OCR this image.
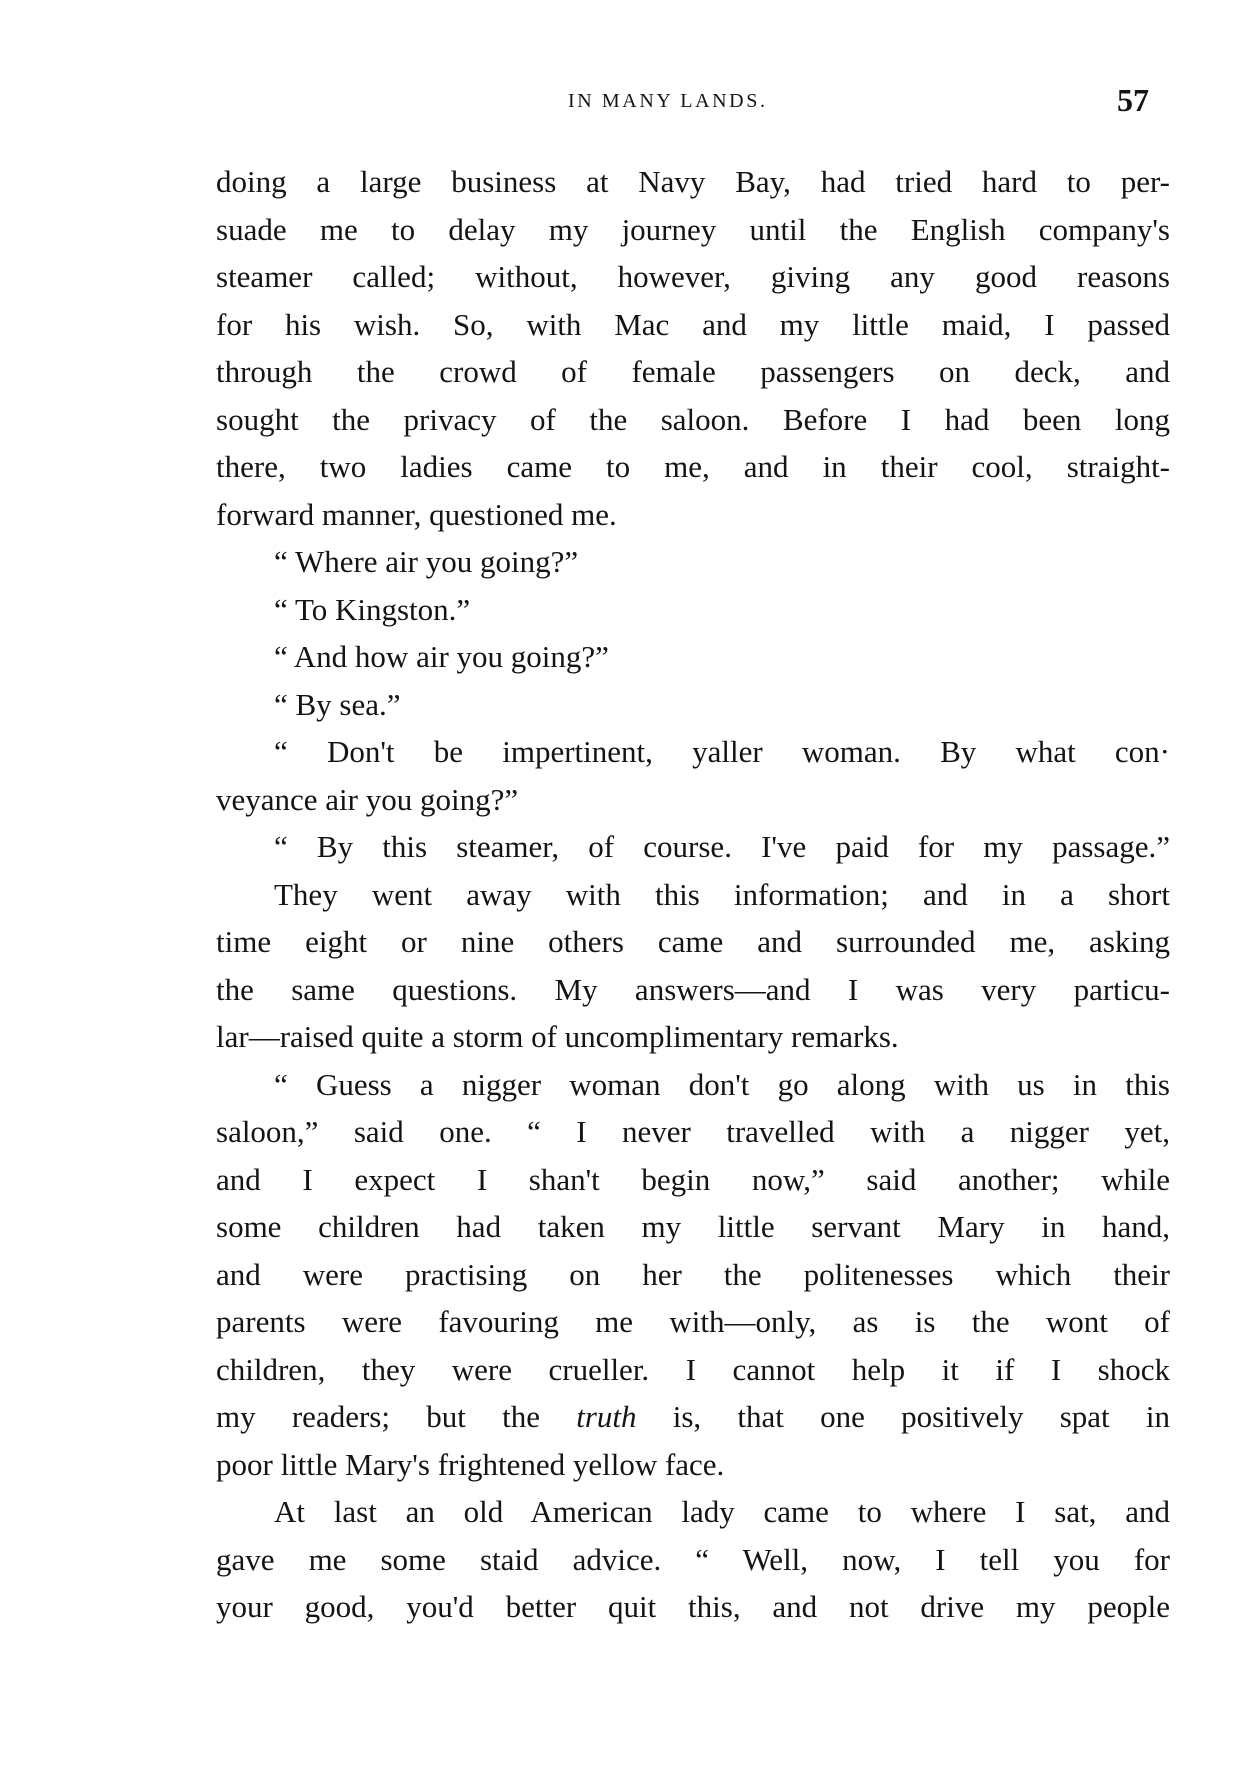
IN MANY LANDS.	57
doing a large business at Navy Bay, had tried hard to per-
suade me to delay my journey until the English company's
steamer called; without, however, giving any good reasons
for his wish. So, with Mac and my little maid, I passed
through the crowd of female passengers on deck, and
sought the privacy of the saloon. Before I had been long
there, two ladies came to me, and in their cool, straight-
forward manner, questioned me.
“ Where air you going?”
“ To Kingston.”
“ And how air you going?”
“ By sea.”
“ Don't be impertinent, yaller woman. By what con·
veyance air you going?”
“ By this steamer, of course. I've paid for my passage.”
They went away with this information; and in a short
time eight or nine others came and surrounded me, asking
the same questions. My answers—and I was very particu-
lar—raised quite a storm of uncomplimentary remarks.
“ Guess a nigger woman don't go along with us in this
saloon,” said one. “ I never travelled with a nigger yet,
and I expect I shan't begin now,” said another; while
some children had taken my little servant Mary in hand,
and were practising on her the politenesses which their
parents were favouring me with—only, as is the wont of
children, they were crueller. I cannot help it if I shock
my readers; but the truth is, that one positively spat in
poor little Mary's frightened yellow face.
At last an old American lady came to where I sat, and
gave me some staid advice. “ Well, now, I tell you for
your good, you'd better quit this, and not drive my people
